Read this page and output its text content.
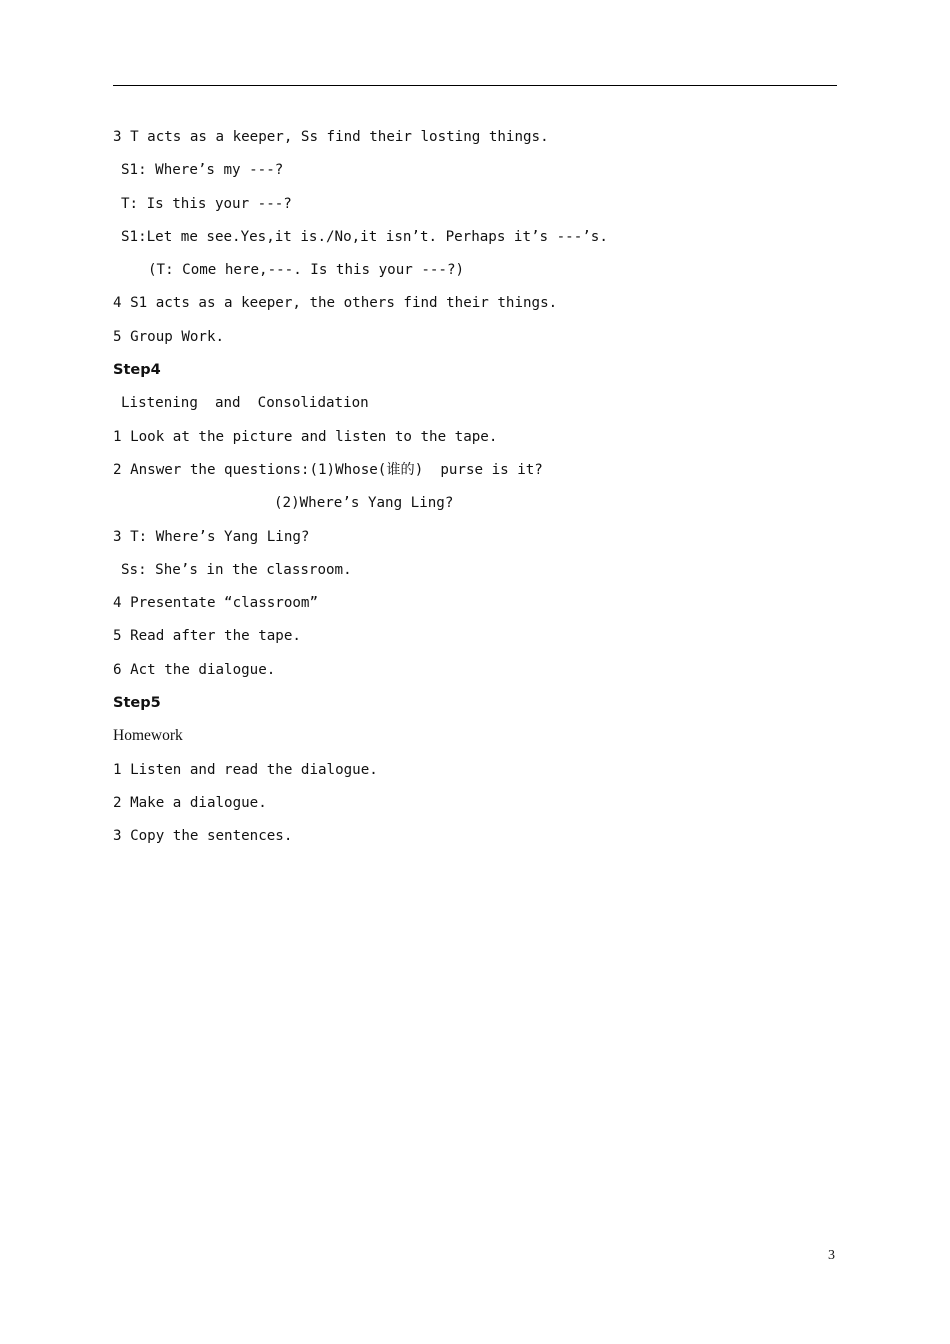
3 T acts as a keeper, Ss find their losting things.
S1: Where’s my ---?
T: Is this your ---?
S1:Let me see.Yes,it is./No,it isn’t. Perhaps it’s ---’s.
(T: Come here,---. Is this your ---?)
4 S1 acts as a keeper, the others find their things.
5 Group Work.
Step4
Listening  and  Consolidation
1 Look at the picture and listen to the tape.
2 Answer the questions:(1)Whose(谁的)  purse is it?
(2)Where’s Yang Ling?
3 T: Where’s Yang Ling?
Ss: She’s in the classroom.
4 Presentate “classroom”
5 Read after the tape.
6 Act the dialogue.
Step5
Homework
1 Listen and read the dialogue.
2 Make a dialogue.
3 Copy the sentences.
3
